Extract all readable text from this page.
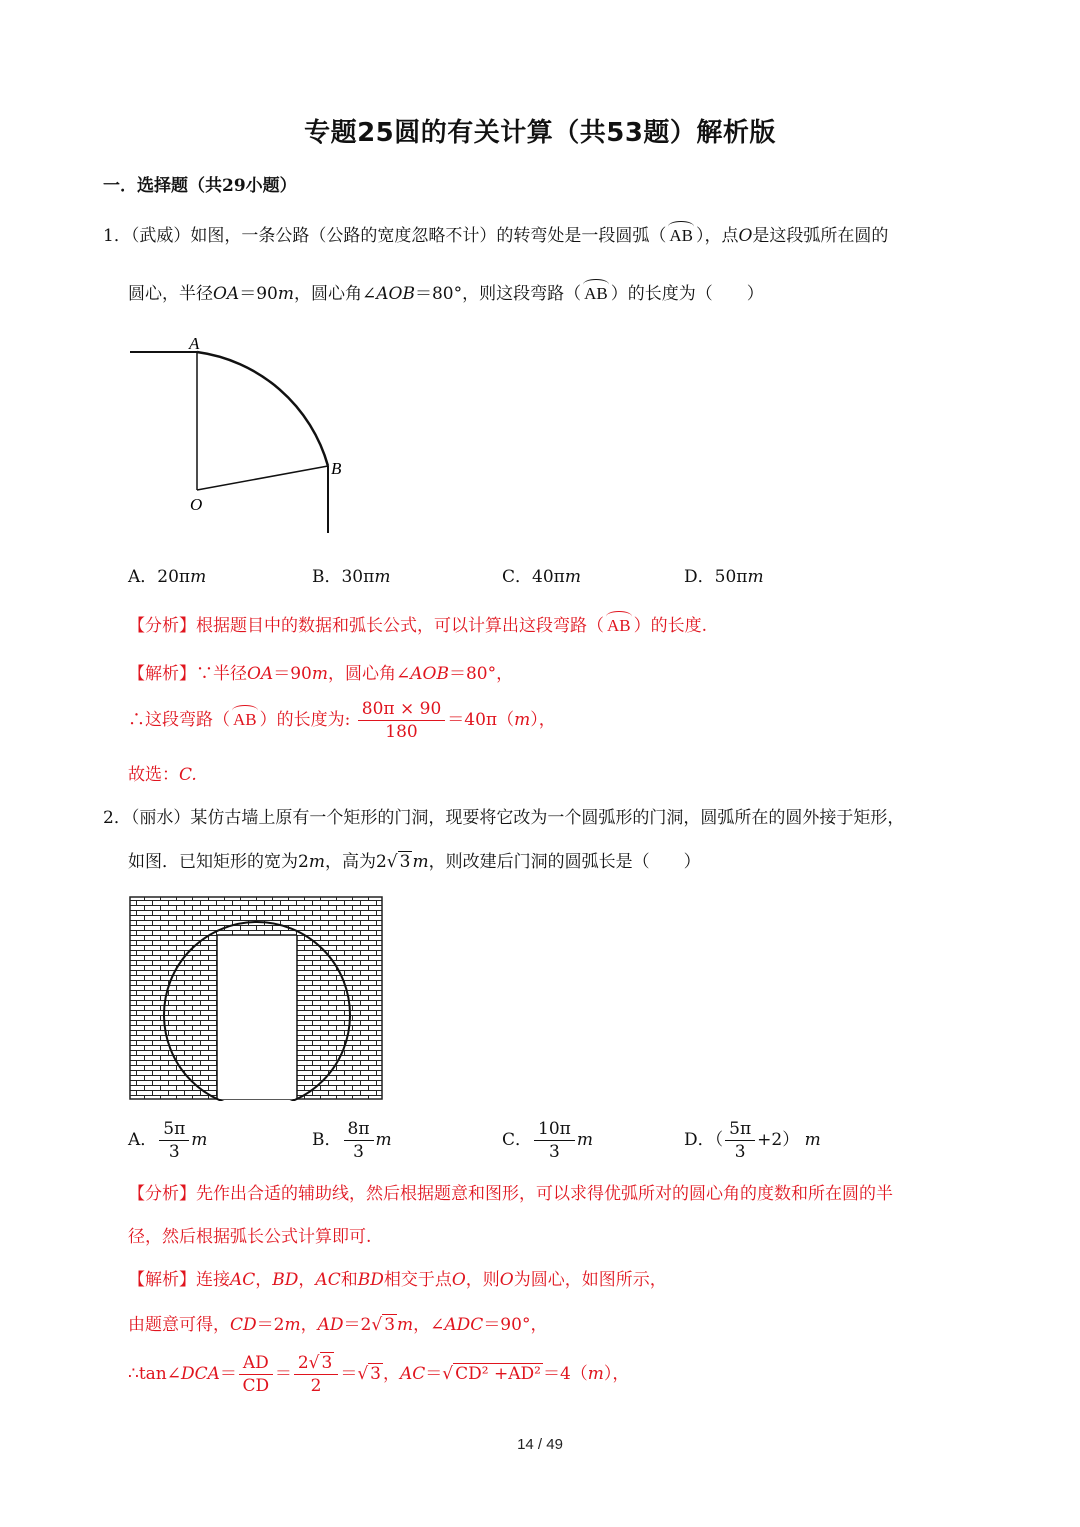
专题25圆的有关计算（共53题）解析版
一．选择题（共29小题）
1．（武威）如图，一条公路（公路的宽度忽略不计）的转弯处是一段圆弧（ AB ），点O是这段弧所在圆的
圆心，半径OA＝90m，圆心角∠AOB＝80°，则这段弯路（ AB ）的长度为（　　）
A
B
O
A．20πm	B．30πm	C．40πm	D．50πm
【分析】根据题目中的数据和弧长公式，可以计算出这段弯路（ AB ）的长度.
【解析】∵半径OA＝90m，圆心角∠AOB＝80°，
∴这段弯路（ AB ）的长度为: $\frac{80\pi \times 90}{180} =40\pi(m)$，
故选：C.
2．（丽水）某仿古墙上原有一个矩形的门洞，现要将它改为一个圆弧形的门洞，圆弧所在的圆外接于矩形，
如图．已知矩形的宽为2m，高为2√ 3 m，则改建后门洞的圆弧长是（　　）
A． $\frac{5\pi}{3}$ m	B． $\frac{8\pi}{3}$ m	C． $\frac{10\pi}{3}$ m	D．（ $\frac{5\pi}{3} +2$） m
【分析】先作出合适的辅助线，然后根据题意和图形，可以求得优弧所对的圆心角的度数和所在圆的半
径，然后根据弧长公式计算即可.
【解析】连接AC，BD，AC和BD相交于点O，则O为圆心，如图所示，
由题意可得，CD＝2m，AD＝2√ 3 m，∠ADC＝90°，
∴tan∠DCA＝ $\frac{AD}{CD} = \frac{2√ 3}{2}$ ＝√ 3 ，AC＝√ CD² +AD² ＝4（m），
14 / 49
